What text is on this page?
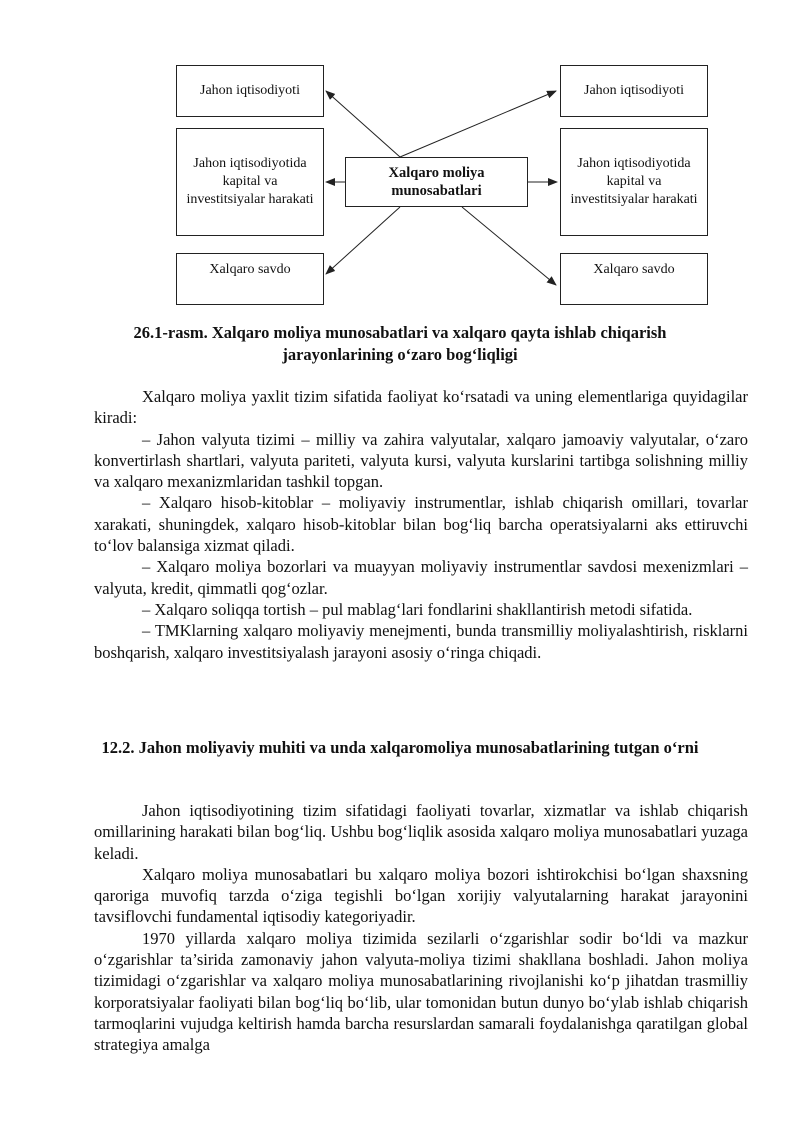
Jahon iqtisodiyoti	Jahon iqtisodiyoti
Jahon iqtisodiyotida kapital va investitsiyalar harakati
Jahon iqtisodiyotida kapital va investitsiyalar harakati
Xalqaro moliya munosabatlari
Xalqaro savdo	Xalqaro savdo
26.1-rasm. Xalqaro moliya munosabatlari va xalqaro qayta ishlab chiqarish jarayonlarining o‘zaro bog‘liqligi

Xalqaro moliya yaxlit tizim sifatida faoliyat ko‘rsatadi va uning elementlariga quyidagilar kiradi:

– Jahon valyuta tizimi – milliy va zahira valyutalar, xalqaro jamoaviy valyutalar, o‘zaro konvertirlash shartlari, valyuta pariteti, valyuta kursi, valyuta kurslarini tartibga solishning milliy va xalqaro mexanizmlaridan tashkil topgan.

– Xalqaro hisob-kitoblar – moliyaviy instrumentlar, ishlab chiqarish omillari, tovarlar xarakati, shuningdek, xalqaro hisob-kitoblar bilan bog‘liq barcha operatsiyalarni aks ettiruvchi to‘lov balansiga xizmat qiladi.

– Xalqaro moliya bozorlari va muayyan moliyaviy instrumentlar savdosi mexenizmlari – valyuta, kredit, qimmatli qog‘ozlar.

– Xalqaro soliqqa tortish – pul mablag‘lari fondlarini shakllantirish metodi sifatida.

– TMKlarning xalqaro moliyaviy menejmenti, bunda transmilliy moliyalashtirish, risklarni boshqarish, xalqaro investitsiyalash jarayoni asosiy o‘ringa chiqadi.

12.2. Jahon moliyaviy muhiti va unda xalqaromoliya munosabatlarining tutgan o‘rni

Jahon iqtisodiyotining tizim sifatidagi faoliyati tovarlar, xizmatlar va ishlab chiqarish omillarining harakati bilan bog‘liq. Ushbu bog‘liqlik asosida xalqaro moliya munosabatlari yuzaga keladi.

Xalqaro moliya munosabatlari bu xalqaro moliya bozori ishtirokchisi bo‘lgan shaxsning qaroriga muvofiq tarzda o‘ziga tegishli bo‘lgan xorijiy valyutalarning harakat jarayonini tavsiflovchi fundamental iqtisodiy kategoriyadir.

1970 yillarda xalqaro moliya tizimida sezilarli o‘zgarishlar sodir bo‘ldi va mazkur o‘zgarishlar ta’sirida zamonaviy jahon valyuta-moliya tizimi shakllana boshladi. Jahon moliya tizimidagi o‘zgarishlar va xalqaro moliya munosabatlarining rivojlanishi ko‘p jihatdan trasmilliy korporatsiyalar faoliyati bilan bog‘liq bo‘lib, ular tomonidan butun dunyo bo‘ylab ishlab chiqarish tarmoqlarini vujudga keltirish hamda barcha resurslardan samarali foydalanishga qaratilgan global strategiya amalga
